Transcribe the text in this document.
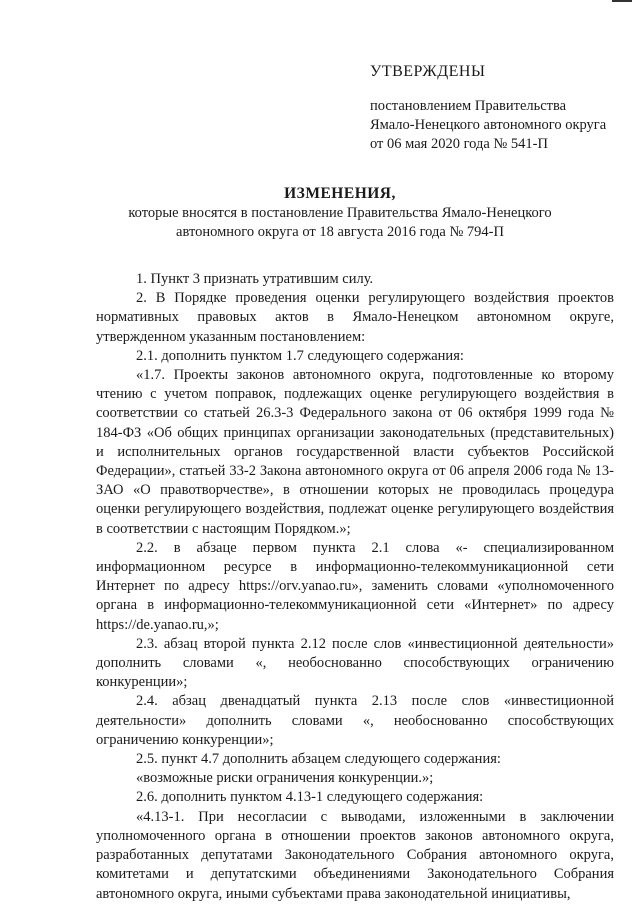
УТВЕРЖДЕНЫ
постановлением Правительства
Ямало-Ненецкого автономного округа
от 06 мая 2020 года № 541-П
ИЗМЕНЕНИЯ,
которые вносятся в постановление Правительства Ямало-Ненецкого автономного округа от 18 августа 2016 года № 794-П

1. Пункт 3 признать утратившим силу.

2. В Порядке проведения оценки регулирующего воздействия проектов нормативных правовых актов в Ямало-Ненецком автономном округе, утвержденном указанным постановлением:

2.1. дополнить пунктом 1.7 следующего содержания:

«1.7. Проекты законов автономного округа, подготовленные ко второму чтению с учетом поправок, подлежащих оценке регулирующего воздействия в соответствии со статьей 26.3-3 Федерального закона от 06 октября 1999 года № 184-ФЗ «Об общих принципах организации законодательных (представительных) и исполнительных органов государственной власти субъектов Российской Федерации», статьей 33-2 Закона автономного округа от 06 апреля 2006 года № 13-ЗАО «О правотворчестве», в отношении которых не проводилась процедура оценки регулирующего воздействия, подлежат оценке регулирующего воздействия в соответствии с настоящим Порядком.»;

2.2. в абзаце первом пункта 2.1 слова «- специализированном информационном ресурсе в информационно-телекоммуникационной сети Интернет по адресу https://orv.yanao.ru», заменить словами «уполномоченного органа в информационно-телекоммуникационной сети «Интернет» по адресу https://de.yanao.ru,»;

2.3. абзац второй пункта 2.12 после слов «инвестиционной деятельности» дополнить словами «, необоснованно способствующих ограничению конкуренции»;

2.4. абзац двенадцатый пункта 2.13 после слов «инвестиционной деятельности» дополнить словами «, необоснованно способствующих ограничению конкуренции»;

2.5. пункт 4.7 дополнить абзацем следующего содержания:

«возможные риски ограничения конкуренции.»;

2.6. дополнить пунктом 4.13-1 следующего содержания:

«4.13-1. При несогласии с выводами, изложенными в заключении уполномоченного органа в отношении проектов законов автономного округа, разработанных депутатами Законодательного Собрания автономного округа, комитетами и депутатскими объединениями Законодательного Собрания автономного округа, иными субъектами права законодательной инициативы,
